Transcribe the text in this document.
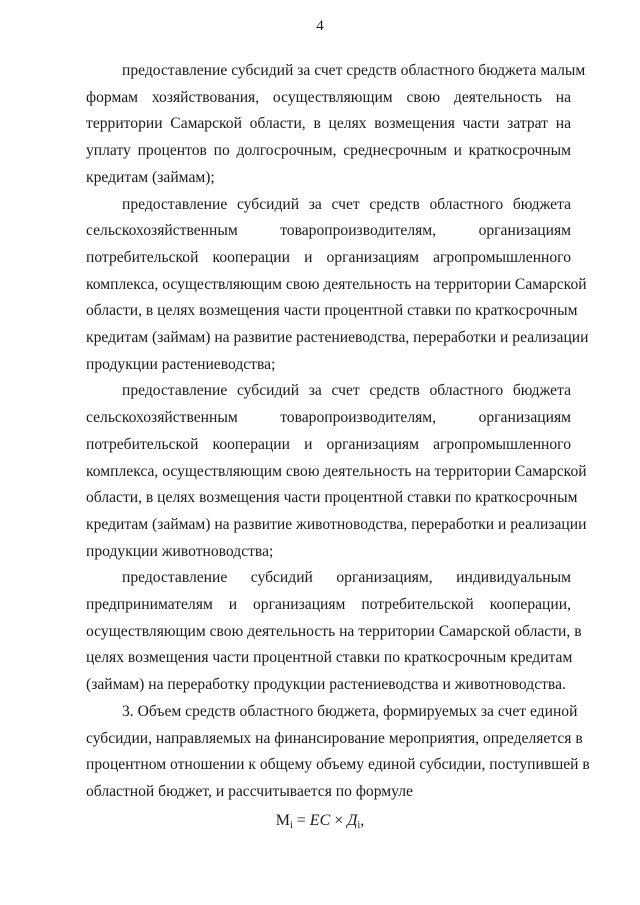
4

предоставление субсидий за счет средств областного бюджета малым
формам хозяйствования, осуществляющим свою деятельность на
территории Самарской области, в целях возмещения части затрат на
уплату процентов по долгосрочным, среднесрочным и краткосрочным
кредитам (займам);

предоставление субсидий за счет средств областного бюджета
сельскохозяйственным товаропроизводителям, организациям
потребительской кооперации и организациям агропромышленного
комплекса, осуществляющим свою деятельность на территории Самарской
области, в целях возмещения части процентной ставки по краткосрочным
кредитам (займам) на развитие растениеводства, переработки и реализации
продукции растениеводства;

предоставление субсидий за счет средств областного бюджета
сельскохозяйственным товаропроизводителям, организациям
потребительской кооперации и организациям агропромышленного
комплекса, осуществляющим свою деятельность на территории Самарской
области, в целях возмещения части процентной ставки по краткосрочным
кредитам (займам) на развитие животноводства, переработки и реализации
продукции животноводства;

предоставление субсидий организациям, индивидуальным
предпринимателям и организациям потребительской кооперации,
осуществляющим свою деятельность на территории Самарской области, в
целях возмещения части процентной ставки по краткосрочным кредитам
(займам) на переработку продукции растениеводства и животноводства.

3. Объем средств областного бюджета, формируемых за счет единой
субсидии, направляемых на финансирование мероприятия, определяется в
процентном отношении к общему объему единой субсидии, поступившей в
областной бюджет, и рассчитывается по формуле

$M_i$ = ЕС × $Д_i$,
